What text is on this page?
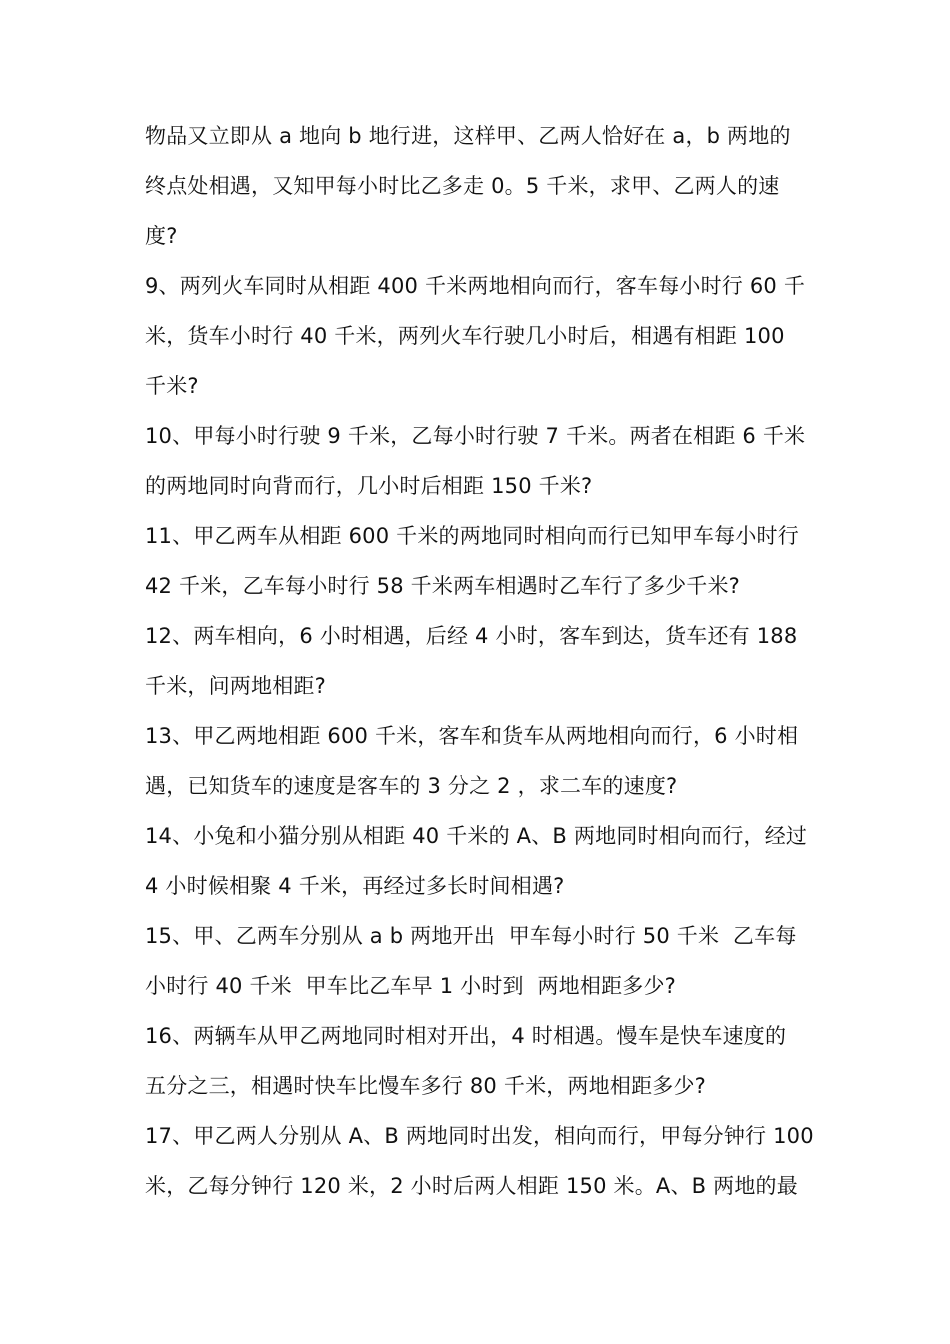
物品又立即从 a 地向 b 地行进，这样甲、乙两人恰好在 a，b 两地的
终点处相遇，又知甲每小时比乙多走 0。5 千米，求甲、乙两人的速
度?
9、两列火车同时从相距 400 千米两地相向而行，客车每小时行 60 千
米，货车小时行 40 千米，两列火车行驶几小时后，相遇有相距 100
千米?
10、甲每小时行驶 9 千米，乙每小时行驶 7 千米。两者在相距 6 千米
的两地同时向背而行，几小时后相距 150 千米?
11、甲乙两车从相距 600 千米的两地同时相向而行已知甲车每小时行
42 千米，乙车每小时行 58 千米两车相遇时乙车行了多少千米?
12、两车相向，6 小时相遇，后经 4 小时，客车到达，货车还有 188
千米，问两地相距?
13、甲乙两地相距 600 千米，客车和货车从两地相向而行，6 小时相
遇，已知货车的速度是客车的 3 分之 2 ，求二车的速度?
14、小兔和小猫分别从相距 40 千米的 A、B 两地同时相向而行，经过
4 小时候相聚 4 千米，再经过多长时间相遇?
15、甲、乙两车分别从 a b 两地开出  甲车每小时行 50 千米  乙车每
小时行 40 千米  甲车比乙车早 1 小时到  两地相距多少?
16、两辆车从甲乙两地同时相对开出，4 时相遇。慢车是快车速度的
五分之三，相遇时快车比慢车多行 80 千米，两地相距多少?
17、甲乙两人分别从 A、B 两地同时出发，相向而行，甲每分钟行 100
米，乙每分钟行 120 米，2 小时后两人相距 150 米。A、B 两地的最
